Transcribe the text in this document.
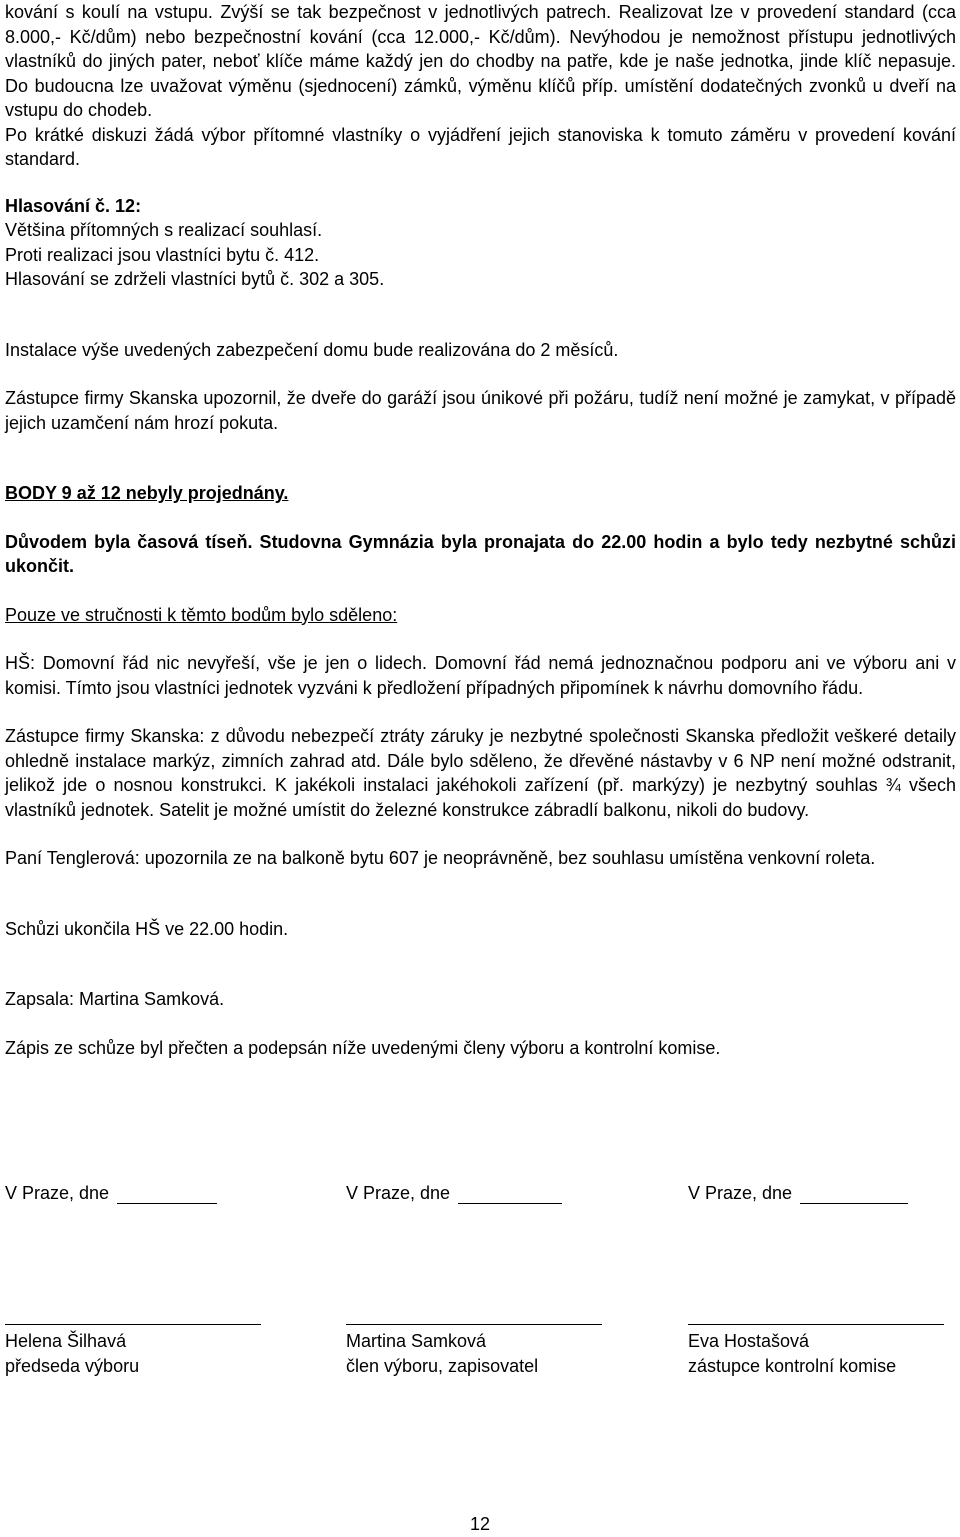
kování s koulí na vstupu. Zvýší se tak bezpečnost v jednotlivých patrech. Realizovat lze v provedení standard (cca 8.000,- Kč/dům) nebo bezpečnostní kování (cca 12.000,- Kč/dům). Nevýhodou je nemožnost přístupu jednotlivých vlastníků do jiných pater, neboť klíče máme každý jen do chodby na patře, kde je naše jednotka, jinde klíč nepasuje. Do budoucna lze uvažovat výměnu (sjednocení) zámků, výměnu klíčů příp. umístění dodatečných zvonků u dveří na vstupu do chodeb.

Po krátké diskuzi žádá výbor přítomné vlastníky o vyjádření jejich stanoviska k tomuto záměru v provedení kování standard.

Hlasování č. 12:

Většina přítomných s realizací souhlasí.

Proti realizaci jsou vlastníci bytu č. 412.

Hlasování se zdrželi vlastníci bytů č. 302 a 305.

Instalace výše uvedených zabezpečení domu bude realizována do 2 měsíců.

Zástupce firmy Skanska upozornil, že dveře do garáží jsou únikové při požáru, tudíž není možné je zamykat, v případě jejich uzamčení nám hrozí pokuta.

BODY 9 až 12 nebyly projednány.

Důvodem byla časová tíseň. Studovna Gymnázia byla pronajata do 22.00 hodin a bylo tedy nezbytné schůzi ukončit.

Pouze ve stručnosti k těmto bodům bylo sděleno:

HŠ: Domovní řád nic nevyřeší, vše je jen o lidech. Domovní řád nemá jednoznačnou podporu ani ve výboru ani v komisi. Tímto jsou vlastníci jednotek vyzváni k předložení případných připomínek k návrhu domovního řádu.

Zástupce firmy Skanska: z důvodu nebezpečí ztráty záruky je nezbytné společnosti Skanska předložit veškeré detaily ohledně instalace markýz, zimních zahrad atd. Dále bylo sděleno, že dřevěné nástavby v 6 NP není možné odstranit, jelikož jde o nosnou konstrukci. K jakékoli instalaci jakéhokoli zařízení (př. markýzy) je nezbytný souhlas ¾ všech vlastníků jednotek. Satelit je možné umístit do železné konstrukce zábradlí balkonu, nikoli do budovy.

Paní Tenglerová: upozornila ze na balkoně bytu 607 je neoprávněně, bez souhlasu umístěna venkovní roleta.

Schůzi ukončila HŠ ve 22.00 hodin.

Zapsala: Martina Samková.

Zápis ze schůze byl přečten a podepsán níže uvedenými členy výboru a kontrolní komise.

V Praze, dne	V Praze, dne	V Praze, dne
Helena Šilhavá
předseda výboru
Martina Samková
člen výboru, zapisovatel
Eva Hostašová
zástupce kontrolní komise
12
